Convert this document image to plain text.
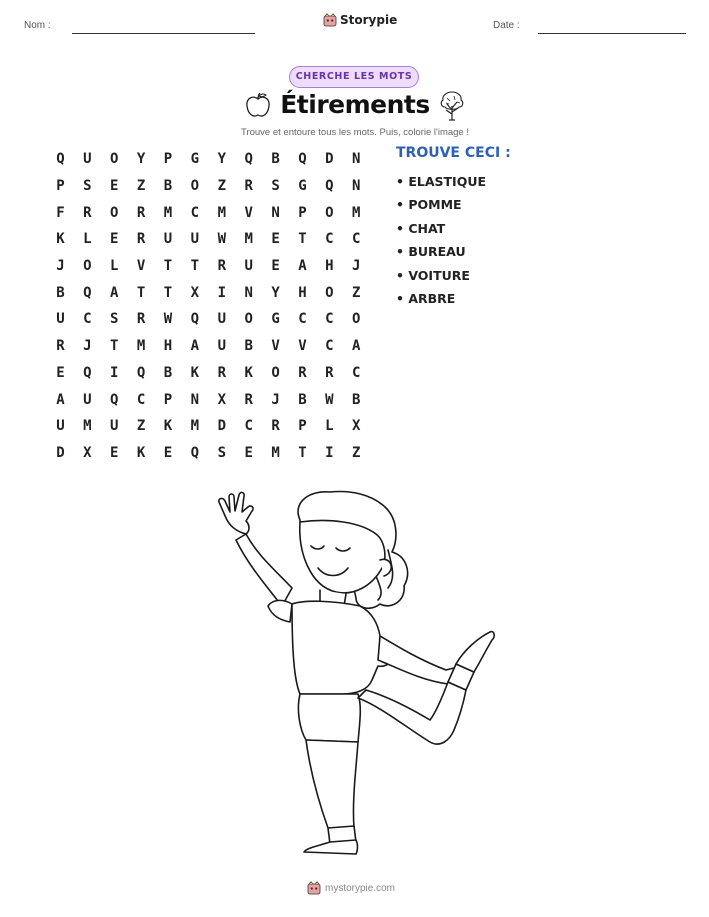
Nom :	Storypie	Date :
CHERCHE LES MOTS
Étirements
Trouve et entoure tous les mots. Puis, colorie l'image !
Q	U	O	Y	P	G	Y	Q	B	Q	D	N
P	S	E	Z	B	O	Z	R	S	G	Q	N
F	R	O	R	M	C	M	V	N	P	O	M
K	L	E	R	U	U	W	M	E	T	C	C
J	O	L	V	T	T	R	U	E	A	H	J
B	Q	A	T	T	X	I	N	Y	H	O	Z
U	C	S	R	W	Q	U	O	G	C	C	O
R	J	T	M	H	A	U	B	V	V	C	A
E	Q	I	Q	B	K	R	K	O	R	R	C
A	U	Q	C	P	N	X	R	J	B	W	B
U	M	U	Z	K	M	D	C	R	P	L	X
D	X	E	K	E	Q	S	E	M	T	I	Z
TROUVE CECI :
• ELASTIQUE
• POMME
• CHAT
• BUREAU
• VOITURE
• ARBRE
mystorypie.com
